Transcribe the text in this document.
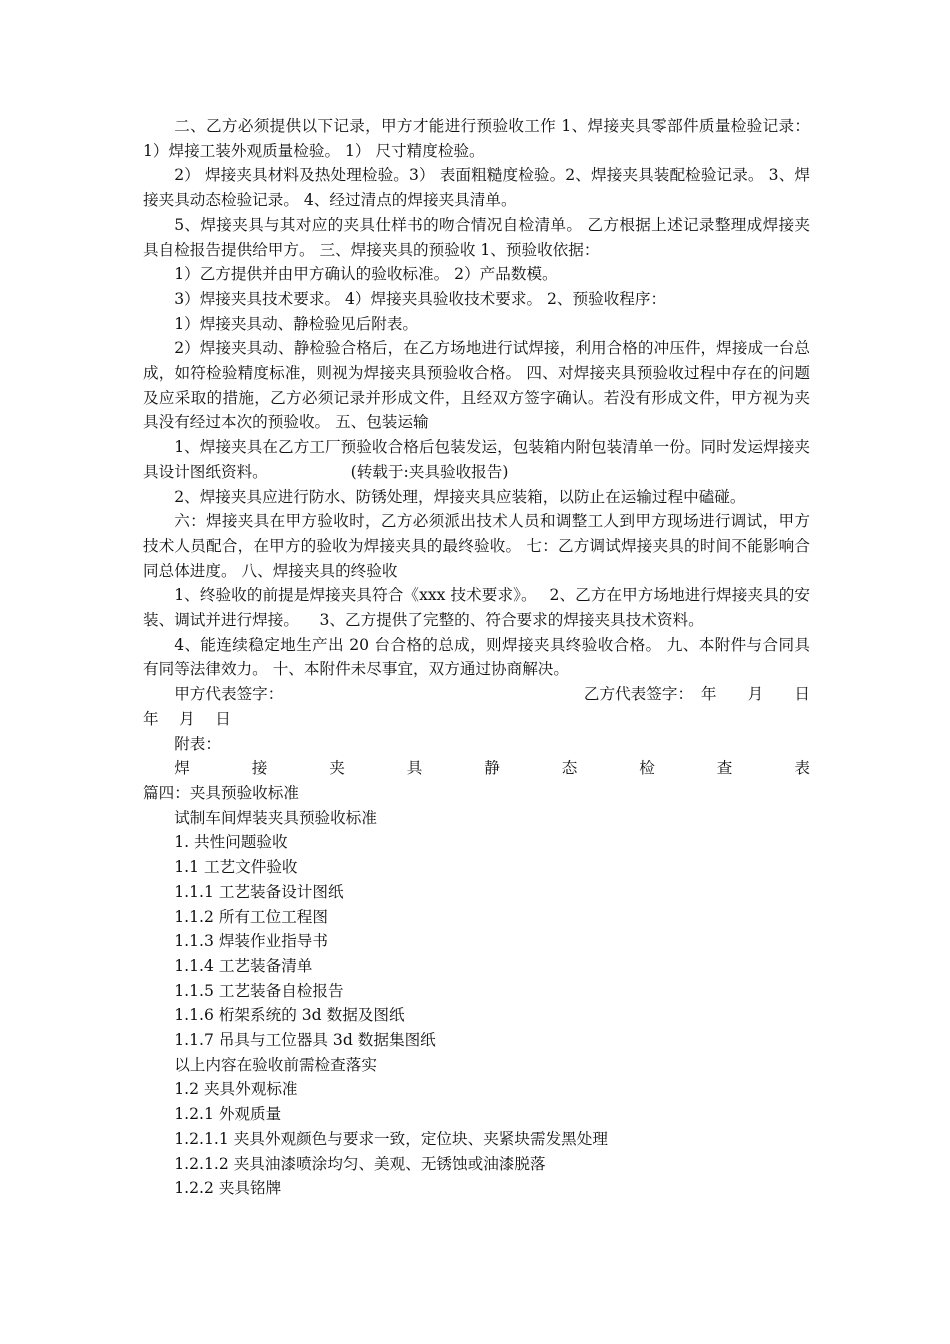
二、乙方必须提供以下记录，甲方才能进行预验收工作 1、焊接夹具零部件质量检验记录： 1）焊接工装外观质量检验。 1） 尺寸精度检验。

2） 焊接夹具材料及热处理检验。3） 表面粗糙度检验。2、焊接夹具装配检验记录。 3、焊接夹具动态检验记录。 4、经过清点的焊接夹具清单。

5、焊接夹具与其对应的夹具仕样书的吻合情况自检清单。 乙方根据上述记录整理成焊接夹具自检报告提供给甲方。 三、焊接夹具的预验收 1、预验收依据：

1）乙方提供并由甲方确认的验收标准。 2）产品数模。

3）焊接夹具技术要求。 4）焊接夹具验收技术要求。 2、预验收程序：

1）焊接夹具动、静检验见后附表。

2）焊接夹具动、静检验合格后，在乙方场地进行试焊接，利用合格的冲压件，焊接成一台总成，如符检验精度标准，则视为焊接夹具预验收合格。 四、对焊接夹具预验收过程中存在的问题及应采取的措施，乙方必须记录并形成文件，且经双方签字确认。若没有形成文件，甲方视为夹具没有经过本次的预验收。 五、包装运输

1、焊接夹具在乙方工厂预验收合格后包装发运，包装箱内附包装清单一份。同时发运焊接夹具设计图纸资料。 　　　　　(转载于:夹具验收报告)

2、焊接夹具应进行防水、防锈处理，焊接夹具应装箱，以防止在运输过程中磕碰。

六：焊接夹具在甲方验收时，乙方必须派出技术人员和调整工人到甲方现场进行调试，甲方技术人员配合，在甲方的验收为焊接夹具的最终验收。 七：乙方调试焊接夹具的时间不能影响合同总体进度。 八、焊接夹具的终验收

1、终验收的前提是焊接夹具符合《xxx 技术要求》。　 2、乙方在甲方场地进行焊接夹具的安装、调试并进行焊接。 　3、乙方提供了完整的、符合要求的焊接夹具技术资料。

4、能连续稳定地生产出 20 台合格的总成，则焊接夹具终验收合格。 九、本附件与合同具有同等法律效力。 十、本附件未尽事宜，双方通过协商解决。

甲方代表签字：	乙方代表签字：　年　　月　　日

年　 月　 日

附表：

焊	接	夹	具	静	态	检	查	表

篇四：夹具预验收标准

试制车间焊装夹具预验收标准

1. 共性问题验收

1.1 工艺文件验收

1.1.1 工艺装备设计图纸

1.1.2 所有工位工程图

1.1.3 焊装作业指导书

1.1.4 工艺装备清单

1.1.5 工艺装备自检报告

1.1.6 桁架系统的 3d 数据及图纸

1.1.7 吊具与工位器具 3d 数据集图纸

以上内容在验收前需检查落实

1.2 夹具外观标准

1.2.1 外观质量

1.2.1.1 夹具外观颜色与要求一致，定位块、夹紧块需发黑处理

1.2.1.2 夹具油漆喷涂均匀、美观、无锈蚀或油漆脱落

1.2.2 夹具铭牌
